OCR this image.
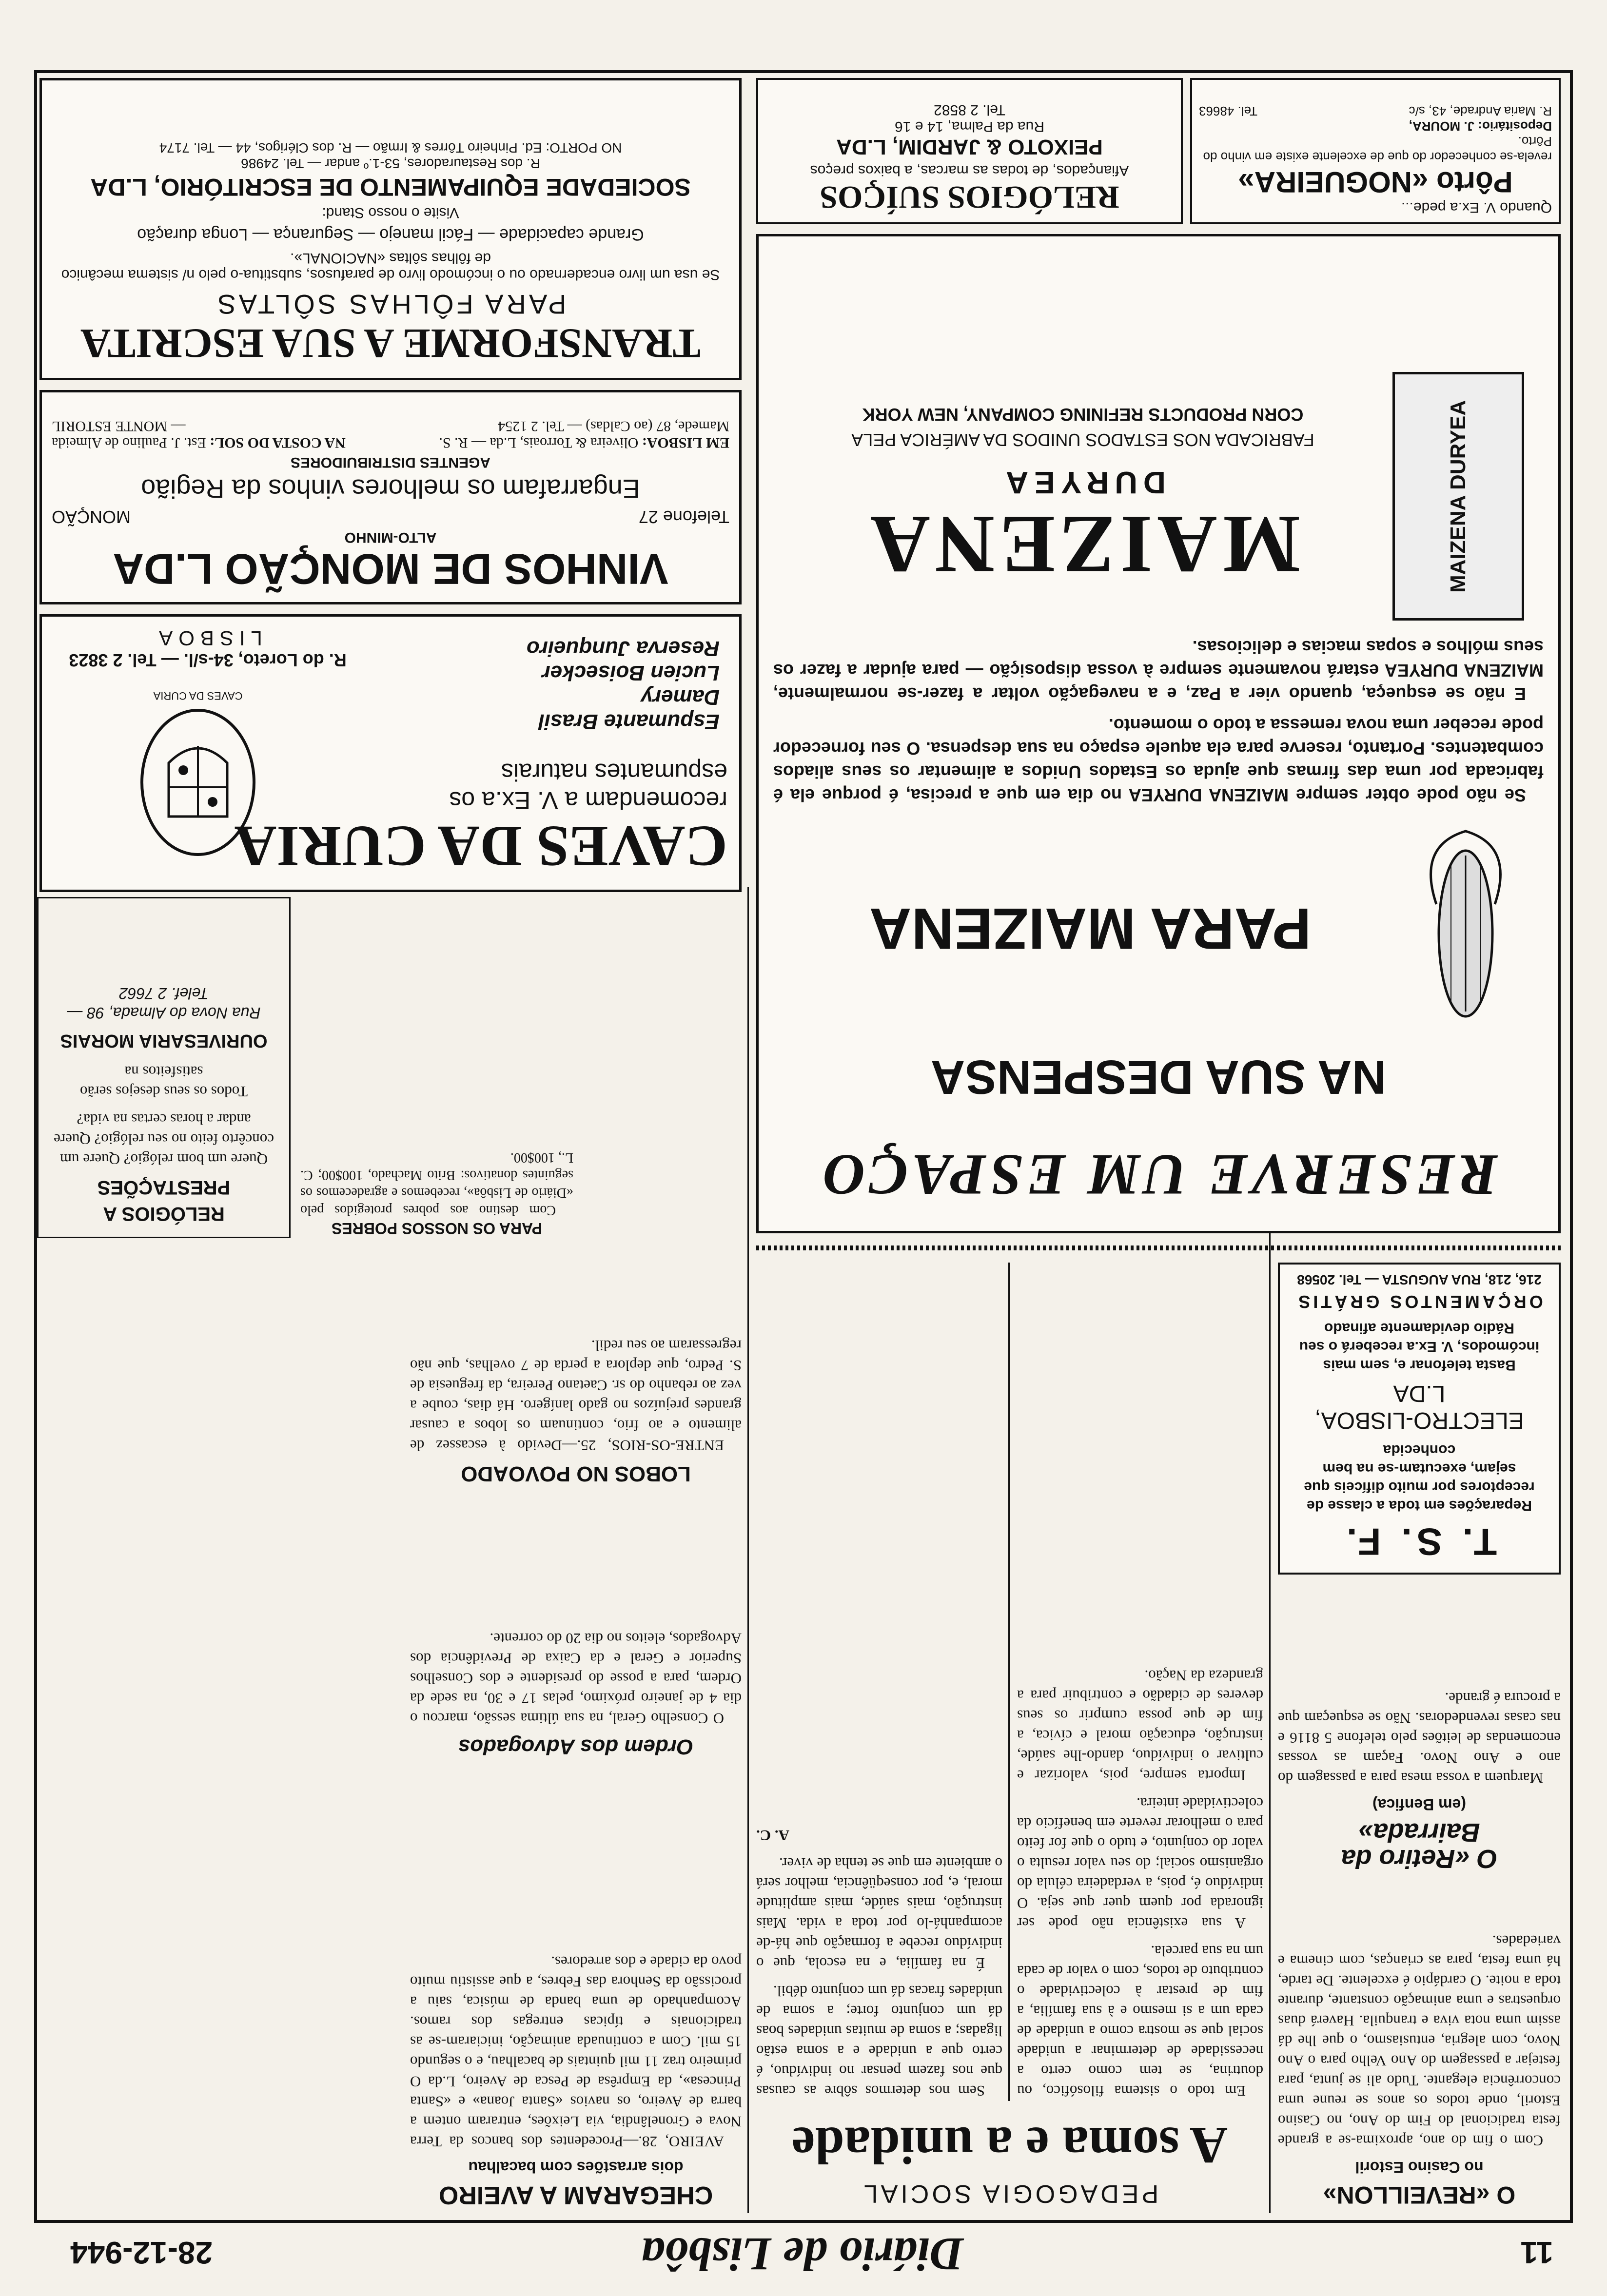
11
Diário de Lisbôa
28-12-944
O «REVEILLON»
no Casino Estoril

Com o fim do ano, aproxima-se a grande festa tradicional do Fim do Ano, no Casino Estoril, onde todos os anos se reune uma concorrência elegante. Tudo ali se junta, para festejar a passagem do Ano Velho para o Ano Novo, com alegria, entusiasmo, o que lhe dá assim uma nota viva e tranquila. Haverá duas orquestras e uma animação constante, durante toda a noite. O cardápio é excelente. De tarde, há uma festa, para as crianças, com cinema e variedades.

O «Retiro da Bairrada»
(em Benfica)

Marquem a vossa mesa para a passagem do ano e Ano Novo. Façam as vossas encomendas de leitões pelo telefone 5 8116 e nas casas revendedoras. Não se esqueçam que a procura é grande.

T. S. F.
Reparações em toda a classe de receptores por muito difíceis que sejam, executam-se na bem conhecida
ELECTRO-LISBOA, L.DA
Basta telefonar e, sem mais incómodos, V. Ex.a receberá o seu Rádio devidamente afinado
ORÇAMENTOS GRÁTIS
216, 218, RUA AUGUSTA — Tel. 20568
PEDAGOGIA SOCIAL
A soma e a unidade

Em todo o sistema filosófico, ou doutrina, se tem como certo a necessidade de determinar a unidade social que se mostra como a unidade de cada um a si mesmo e à sua família, a fim de prestar à colectividade o contributo de todos, com o valor de cada um na sua parcela.

A sua existência não pode ser ignorada por quem quer que seja. O indivíduo é, pois, a verdadeira célula do organismo social; do seu valor resulta o valor do conjunto, e tudo o que for feito para o melhorar reverte em benefício da colectividade inteira.

Importa sempre, pois, valorizar e cultivar o indivíduo, dando-lhe saúde, instrução, educação moral e cívica, a fim de que possa cumprir os seus deveres de cidadão e contribuir para a grandeza da Nação.

Sem nos determos sôbre as causas que nos fazem pensar no indivíduo, é certo que a unidade e a soma estão ligadas; a soma de muitas unidades boas dá um conjunto forte; a soma de unidades fracas dá um conjunto débil.

É na família, e na escola, que o indivíduo recebe a formação que há-de acompanhá-lo por toda a vida. Mais instrução, mais saúde, mais amplitude moral, e, por conseqüência, melhor será o ambiente em que se tenha de viver.

A. C.
CHEGARAM A AVEIRO
dois arrastões com bacalhau

AVEIRO, 28.—Procedentes dos bancos da Terra Nova e Gronelândia, via Leixões, entraram ontem a barra de Aveiro, os navios «Santa Joana» e «Santa Princesa», da Emprêsa de Pesca de Aveiro, L.da O primeiro traz 11 mil quintais de bacalhau, e o segundo 15 mil. Com a continuada animação, iniciaram-se as tradicionais e típicas entregas dos ramos. Acompanhado de uma banda de música, saiu a procissão da Senhora das Febres, a que assistiu muito povo da cidade e dos arredores.

Ordem dos Advogados

O Conselho Geral, na sua última sessão, marcou o dia 4 de janeiro próximo, pelas 17 e 30, na sede da Ordem, para a posse do presidente e dos Conselhos Superior e Geral e da Caixa de Previdência dos Advogados, eleitos no dia 20 do corrente.

LOBOS NO POVOADO

ENTRE-OS-RIOS, 25.—Devido à escassez de alimento e ao frio, continuam os lobos a causar grandes prejuízos no gado lanígero. Há dias, coube a vez ao rebanho do sr. Caetano Pereira, da freguesia de S. Pedro, que deplora a perda de 7 ovelhas, que não regressaram ao seu redil.

PARA OS NOSSOS POBRES

Com destino aos pobres protegidos pelo «Diário de Lisbôa», recebemos e agradecemos os seguintes donativos: Brito Machado, 100$00; C. L., 100$00.

RELÓGIOS A PRESTAÇÕES

Quere um bom relógio? Quere um concêrto feito no seu relógio? Quere andar a horas certas na vida?

Todos os seus desejos serão satisfeitos na

OURIVESARIA MORAIS
Rua Nova do Almada, 98 — Telef. 2 7662
CAVES DA CURIA
recomendam a V. Ex.a os espumantes naturais
Espumante Brasil
Damery
CAVES DA CURIA
Lucien Boisecker
Reserva Junqueiro
R. do Loreto, 34-s/l. — Tel. 2 3823
LISBOA
VINHOS DE MONÇÃO L.DA
ALTO-MINHO
Telefone 27
MONÇÃO
Engarrafam os melhores vinhos da Região
AGENTES DISTRIBUIDORES
EM LISBOA: Oliveira & Torroais, L.da — R. S. Mamede, 87 (ao Caldas) — Tel. 2 1254
NA COSTA DO SOL: Est. J. Paulino de Almeida — MONTE ESTORIL
TRANSFORME A SUA ESCRITA
PARA FÔLHAS SÔLTAS
Se usa um livro encadernado ou o incómodo livro de parafusos, substitua-o pelo n/ sistema mecânico de fôlhas sôltas «NACIONAL».
Grande capacidade — Fácil manejo — Segurança — Longa duração
Visite o nosso Stand:
SOCIEDADE EQUIPAMENTO DE ESCRITÓRIO, L.DA
R. dos Restauradores, 53-1.º andar — Tel. 24986
NO PORTO: Ed. Pinheiro Tôrres & Irmão — R. dos Clérigos, 44 — Tel. 7174
RESERVE UM ESPAÇO
NA SUA DESPENSA
PARA MAIZENA

Se não pode obter sempre MAIZENA DURYEA no dia em que a precisa, é porque ela é fabricada por uma das firmas que ajuda os Estados Unidos a alimentar os seus aliados combatentes. Portanto, reserve para ela aquele espaço na sua despensa. O seu fornecedor pode receber uma nova remessa a todo o momento.

E não se esqueça, quando vier a Paz, e a navegação voltar a fazer-se normalmente, MAIZENA DURYEA estará novamente sempre à vossa disposição — para ajudar a fazer os seus mólhos e sopas macias e deliciosas.

MAIZENA DURYEA
MAIZENA
DURYEA
FABRICADA NOS ESTADOS UNIDOS DA AMÉRICA PELA
CORN PRODUCTS REFINING COMPANY, NEW YORK
Quando V. Ex.a pede...
Pôrto «NOGUEIRA»
revela-se conhecedor do que de excelente existe em vinho do Pôrto.
Depositário: J. MOURA,
R. Maria Andrade, 43, s/c
Tel. 48663
RELÓGIOS SUÍÇOS
Afiançados, de todas as marcas, a baixos preços
PEIXOTO & JARDIM, L.DA
Rua da Palma, 14 e 16
Tel. 2 8582
